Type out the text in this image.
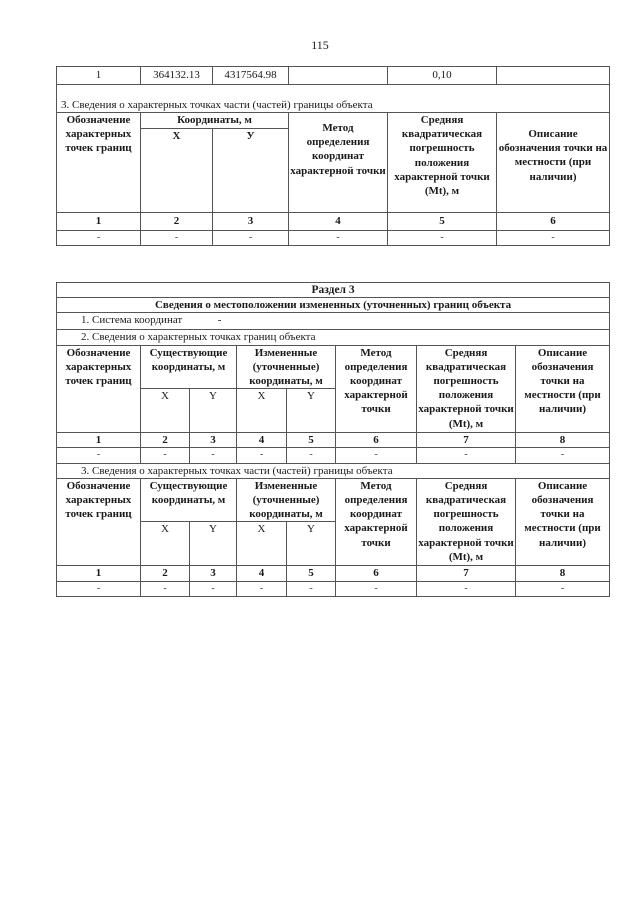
115
1	364132.13	4317564.98		0,10	
3. Сведения о характерных точках части (частей) границы объекта					
Обозначение характерных точек границ	Координаты, м		Метод определения координат характерной точки	Средняя квадратическая погрешность положения характерной точки (Mt), м	Описание обозначения точки на местности (при наличии)
	X	У			
1	2	3	4	5	6
-	-	-	-	-	-
Раздел 3							
Сведения о местоположении измененных (уточненных) границ объекта							
1. Система координат -							
2. Сведения о характерных точках границ объекта							
Обозначение характерных точек границ	Существующие координаты, м		Измененные (уточненные) координаты, м		Метод определения координат характерной точки	Средняя квадратическая погрешность положения характерной точки (Mt), м	Описание обозначения точки на местности (при наличии)
	X	Y	X	Y			
1	2	3	4	5	6	7	8
-	-	-	-	-	-	-	-
3. Сведения о характерных точках части (частей) границы объекта							
Обозначение характерных точек границ	Существующие координаты, м		Измененные (уточненные) координаты, м		Метод определения координат характерной точки	Средняя квадратическая погрешность положения характерной точки (Mt), м	Описание обозначения точки на местности (при наличии)
	X	Y	X	Y			
1	2	3	4	5	6	7	8
-	-	-	-	-	-	-	-
